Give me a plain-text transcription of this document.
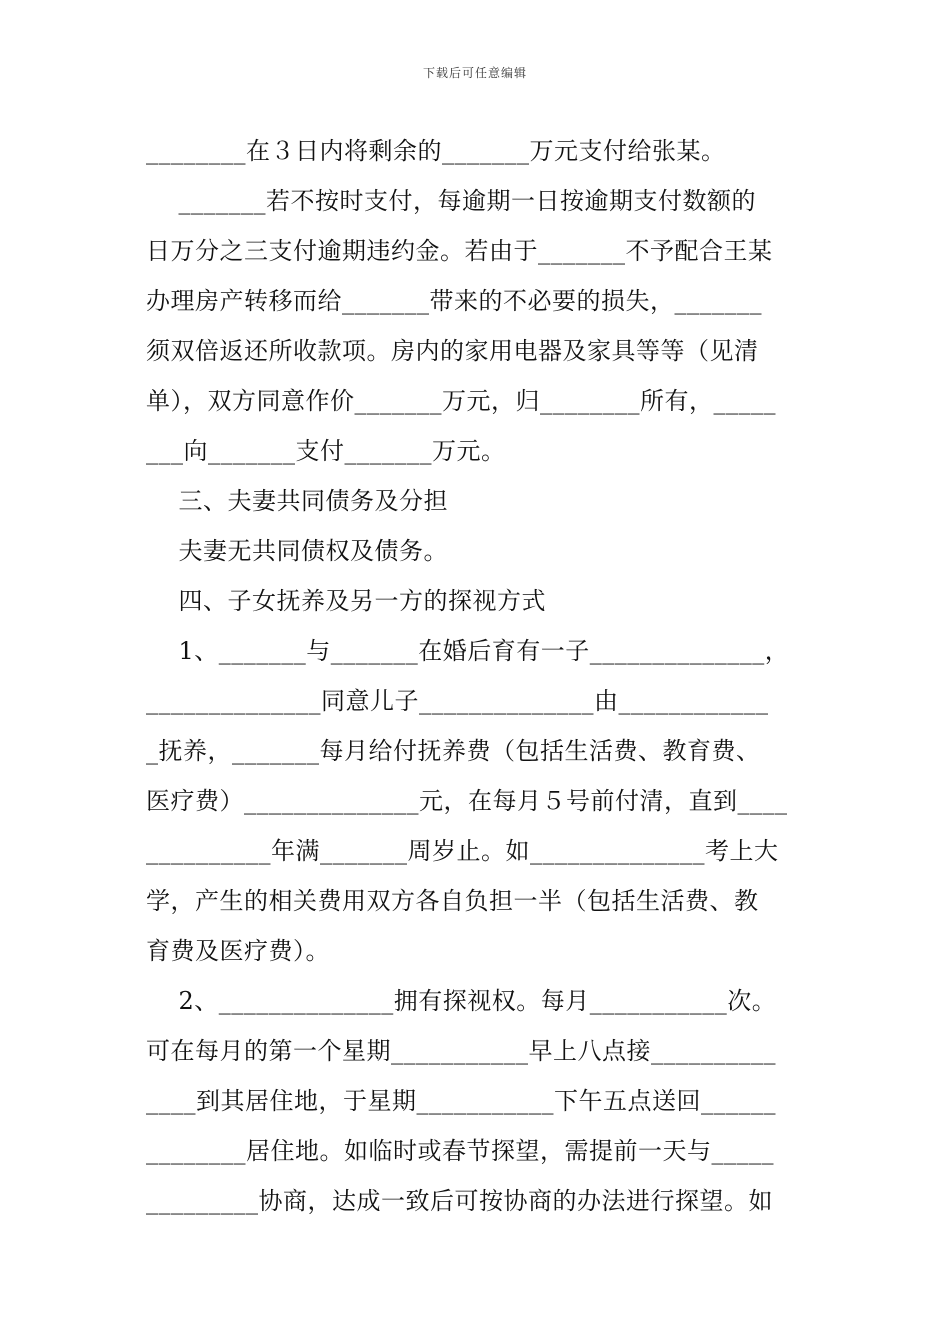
下载后可任意编辑
________在３日内将剩余的_______万元支付给张某。
_______若不按时支付，每逾期一日按逾期支付数额的
日万分之三支付逾期违约金。若由于_______不予配合王某
办理房产转移而给_______带来的不必要的损失，_______
须双倍返还所收款项。房内的家用电器及家具等等（见清
单），双方同意作价_______万元，归________所有，_____
___向_______支付_______万元。
三、夫妻共同债务及分担
夫妻无共同债权及债务。
四、子女抚养及另一方的探视方式
1、_______与_______在婚后育有一子______________，
______________同意儿子______________由____________
_抚养，_______每月给付抚养费（包括生活费、教育费、
医疗费）______________元，在每月５号前付清，直到____
__________年满_______周岁止。如______________考上大
学，产生的相关费用双方各自负担一半（包括生活费、教
育费及医疗费）。
2、______________拥有探视权。每月___________次。
可在每月的第一个星期___________早上八点接__________
____到其居住地，于星期___________下午五点送回______
________居住地。如临时或春节探望，需提前一天与_____
_________协商，达成一致后可按协商的办法进行探望。如
